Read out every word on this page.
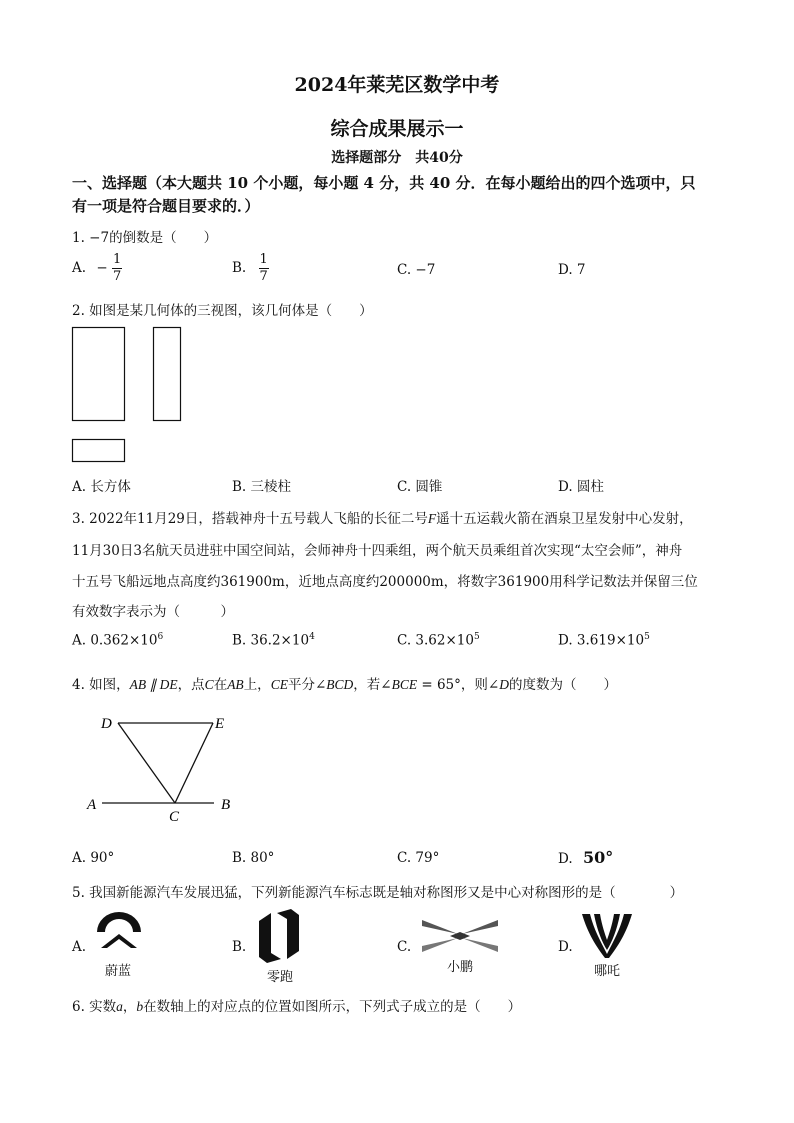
2024年莱芜区数学中考
综合成果展示一
选择题部分　共40分
一、选择题（本大题共 10 个小题，每小题 4 分，共 40 分．在每小题给出的四个选项中，只
有一项是符合题目要求的．）
1. −7的倒数是（　　）
A. − $\frac{1}{7}$	B. $\frac{1}{7}$	C. −7	D. 7
2. 如图是某几何体的三视图，该几何体是（　　）
A. 长方体	B. 三棱柱	C. 圆锥	D. 圆柱
3. 2022年11月29日，搭载神舟十五号载人飞船的长征二号F遥十五运载火箭在酒泉卫星发射中心发射，
11月30日3名航天员进驻中国空间站，会师神舟十四乘组，两个航天员乘组首次实现“太空会师”，神舟
十五号飞船远地点高度约361900m，近地点高度约200000m，将数字361900用科学记数法并保留三位
有效数字表示为（　　　）
A. $0.362\times 10^6$	B. $36.2\times 10^4$	C. $3.62\times 10^5$	D. $3.619\times 10^5$
4. 如图，AB ∥ DE，点C在AB上，CE平分∠BCD，若∠BCE = 65°，则∠D的度数为（　　）
D	E
A	B
C
A. 90°	B. 80°	C. 79°	D. 50°
5. 我国新能源汽车发展迅猛，下列新能源汽车标志既是轴对称图形又是中心对称图形的是（　　　　）
A.
蔚蓝
B.
零跑
C.
小鹏
D.
哪吒
6. 实数a，b在数轴上的对应点的位置如图所示，下列式子成立的是（　　）
